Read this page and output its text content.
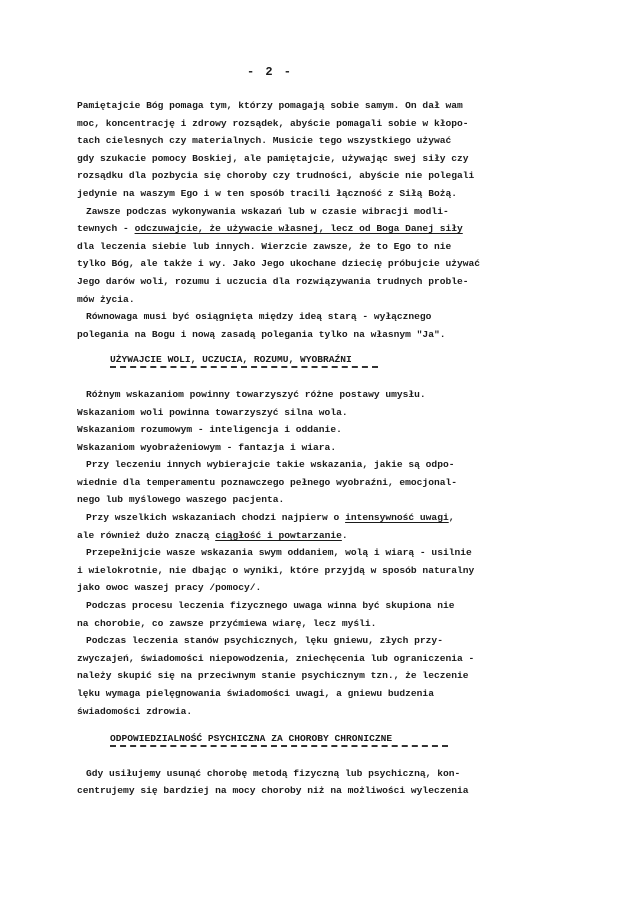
- 2 -
Pamiętajcie Bóg pomaga tym, którzy pomagają sobie samym. On dał wam
moc, koncentrację i zdrowy rozsądek, abyście pomagali sobie w kłopo-
tach cielesnych czy materialnych. Musicie tego wszystkiego używać
gdy szukacie pomocy Boskiej, ale pamiętajcie, używając swej siły czy
rozsądku dla pozbycia się choroby czy trudności, abyście nie polegali
jedynie na waszym Ego i w ten sposób tracili łączność z Siłą Bożą.
Zawsze podczas wykonywania wskazań lub w czasie wibracji modli-
tewnych - odczuwajcie, że używacie własnej, lecz od Boga Danej siły
dla leczenia siebie lub innych. Wierzcie zawsze, że to Ego to nie
tylko Bóg, ale także i wy. Jako Jego ukochane dziecię próbujcie używać
Jego darów woli, rozumu i uczucia dla rozwiązywania trudnych proble-
mów życia.
Równowaga musi być osiągnięta między ideą starą - wyłącznego
polegania na Bogu i nową zasadą polegania tylko na własnym "Ja".
UŻYWAJCIE WOLI, UCZUCIA, ROZUMU, WYOBRAŹNI
Różnym wskazaniom powinny towarzyszyć różne postawy umysłu.
Wskazaniom woli powinna towarzyszyć silna wola.
Wskazaniom rozumowym - inteligencja i oddanie.
Wskazaniom wyobrażeniowym - fantazja i wiara.
Przy leczeniu innych wybierajcie takie wskazania, jakie są odpo-
wiednie dla temperamentu poznawczego pełnego wyobraźni, emocjonal-
nego lub myślowego waszego pacjenta.
Przy wszelkich wskazaniach chodzi najpierw o intensywność uwagi,
ale również dużo znaczą ciągłość i powtarzanie.
Przepełnijcie wasze wskazania swym oddaniem, wolą i wiarą - usilnie
i wielokrotnie, nie dbając o wyniki, które przyjdą w sposób naturalny
jako owoc waszej pracy /pomocy/.
Podczas procesu leczenia fizycznego uwaga winna być skupiona nie
na chorobie, co zawsze przyćmiewa wiarę, lecz myśli.
Podczas leczenia stanów psychicznych, lęku gniewu, złych przy-
zwyczajeń, świadomości niepowodzenia, zniechęcenia lub ograniczenia -
należy skupić się na przeciwnym stanie psychicznym tzn., że leczenie
lęku wymaga pielęgnowania świadomości uwagi, a gniewu budzenia
świadomości zdrowia.
ODPOWIEDZIALNOŚĆ PSYCHICZNA ZA CHOROBY CHRONICZNE
Gdy usiłujemy usunąć chorobę metodą fizyczną lub psychiczną, kon-
centrujemy się bardziej na mocy choroby niż na możliwości wyleczenia
